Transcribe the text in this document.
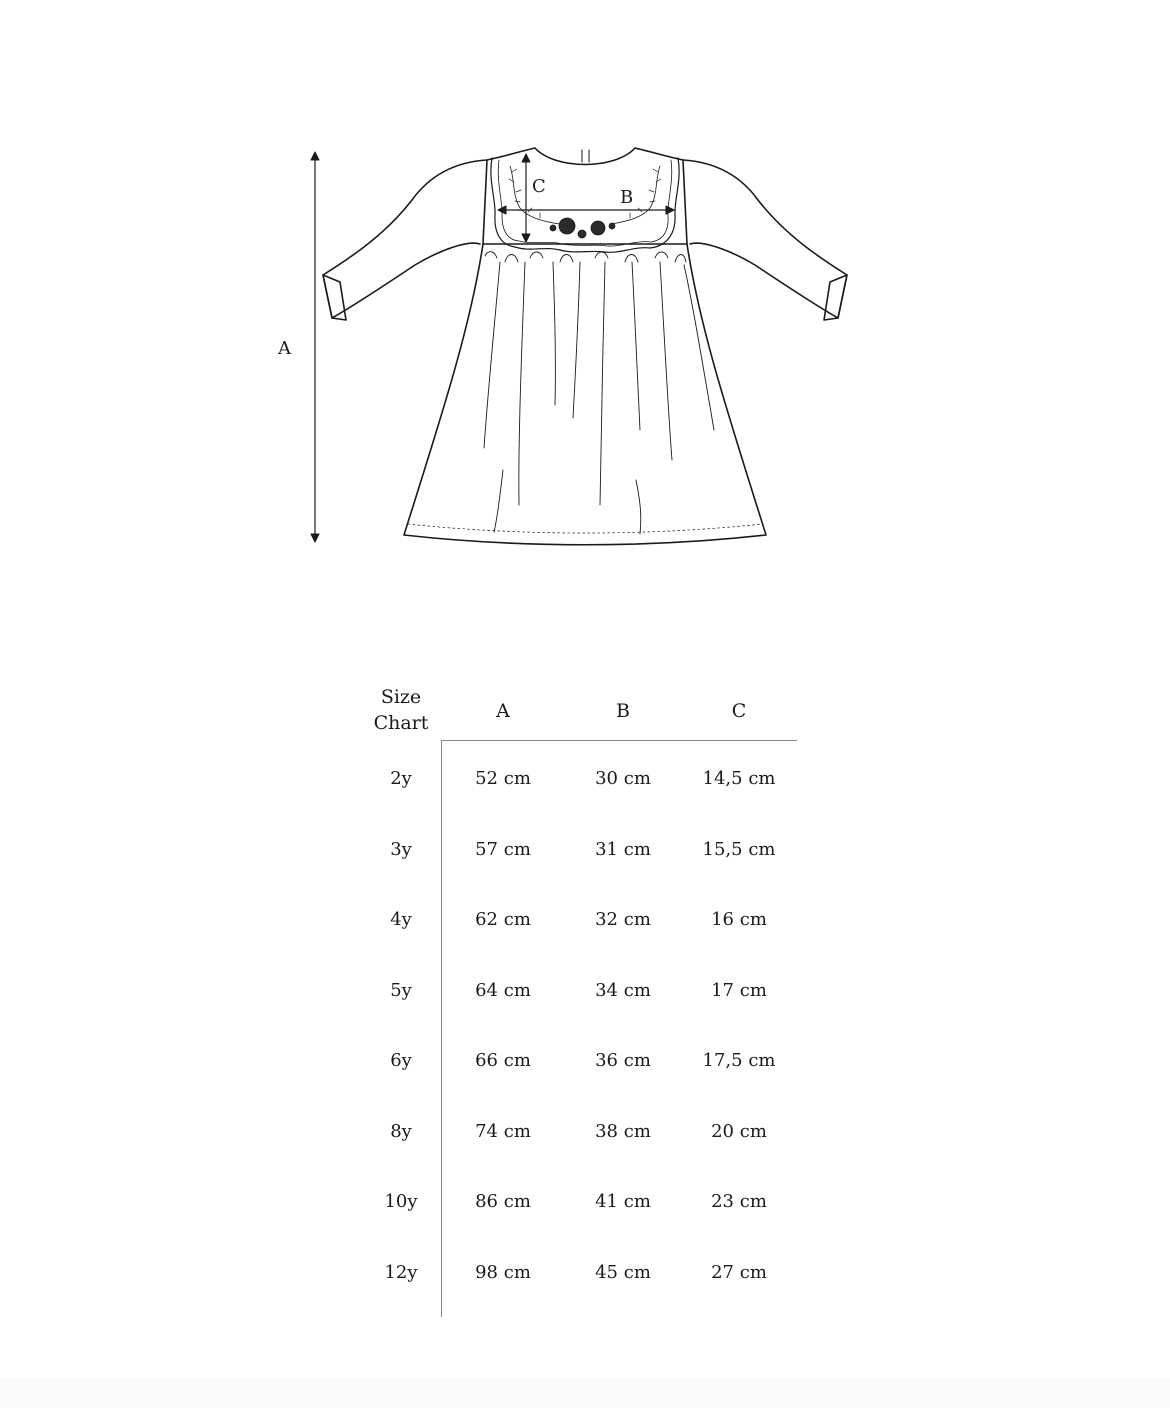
A
C
B
Size
Chart
A	B	C
2y	52 cm	30 cm	14,5 cm
3y	57 cm	31 cm	15,5 cm
4y	62 cm	32 cm	16 cm
5y	64 cm	34 cm	17 cm
6y	66 cm	36 cm	17,5 cm
8y	74 cm	38 cm	20 cm
10y	86 cm	41 cm	23 cm
12y	98 cm	45 cm	27 cm
